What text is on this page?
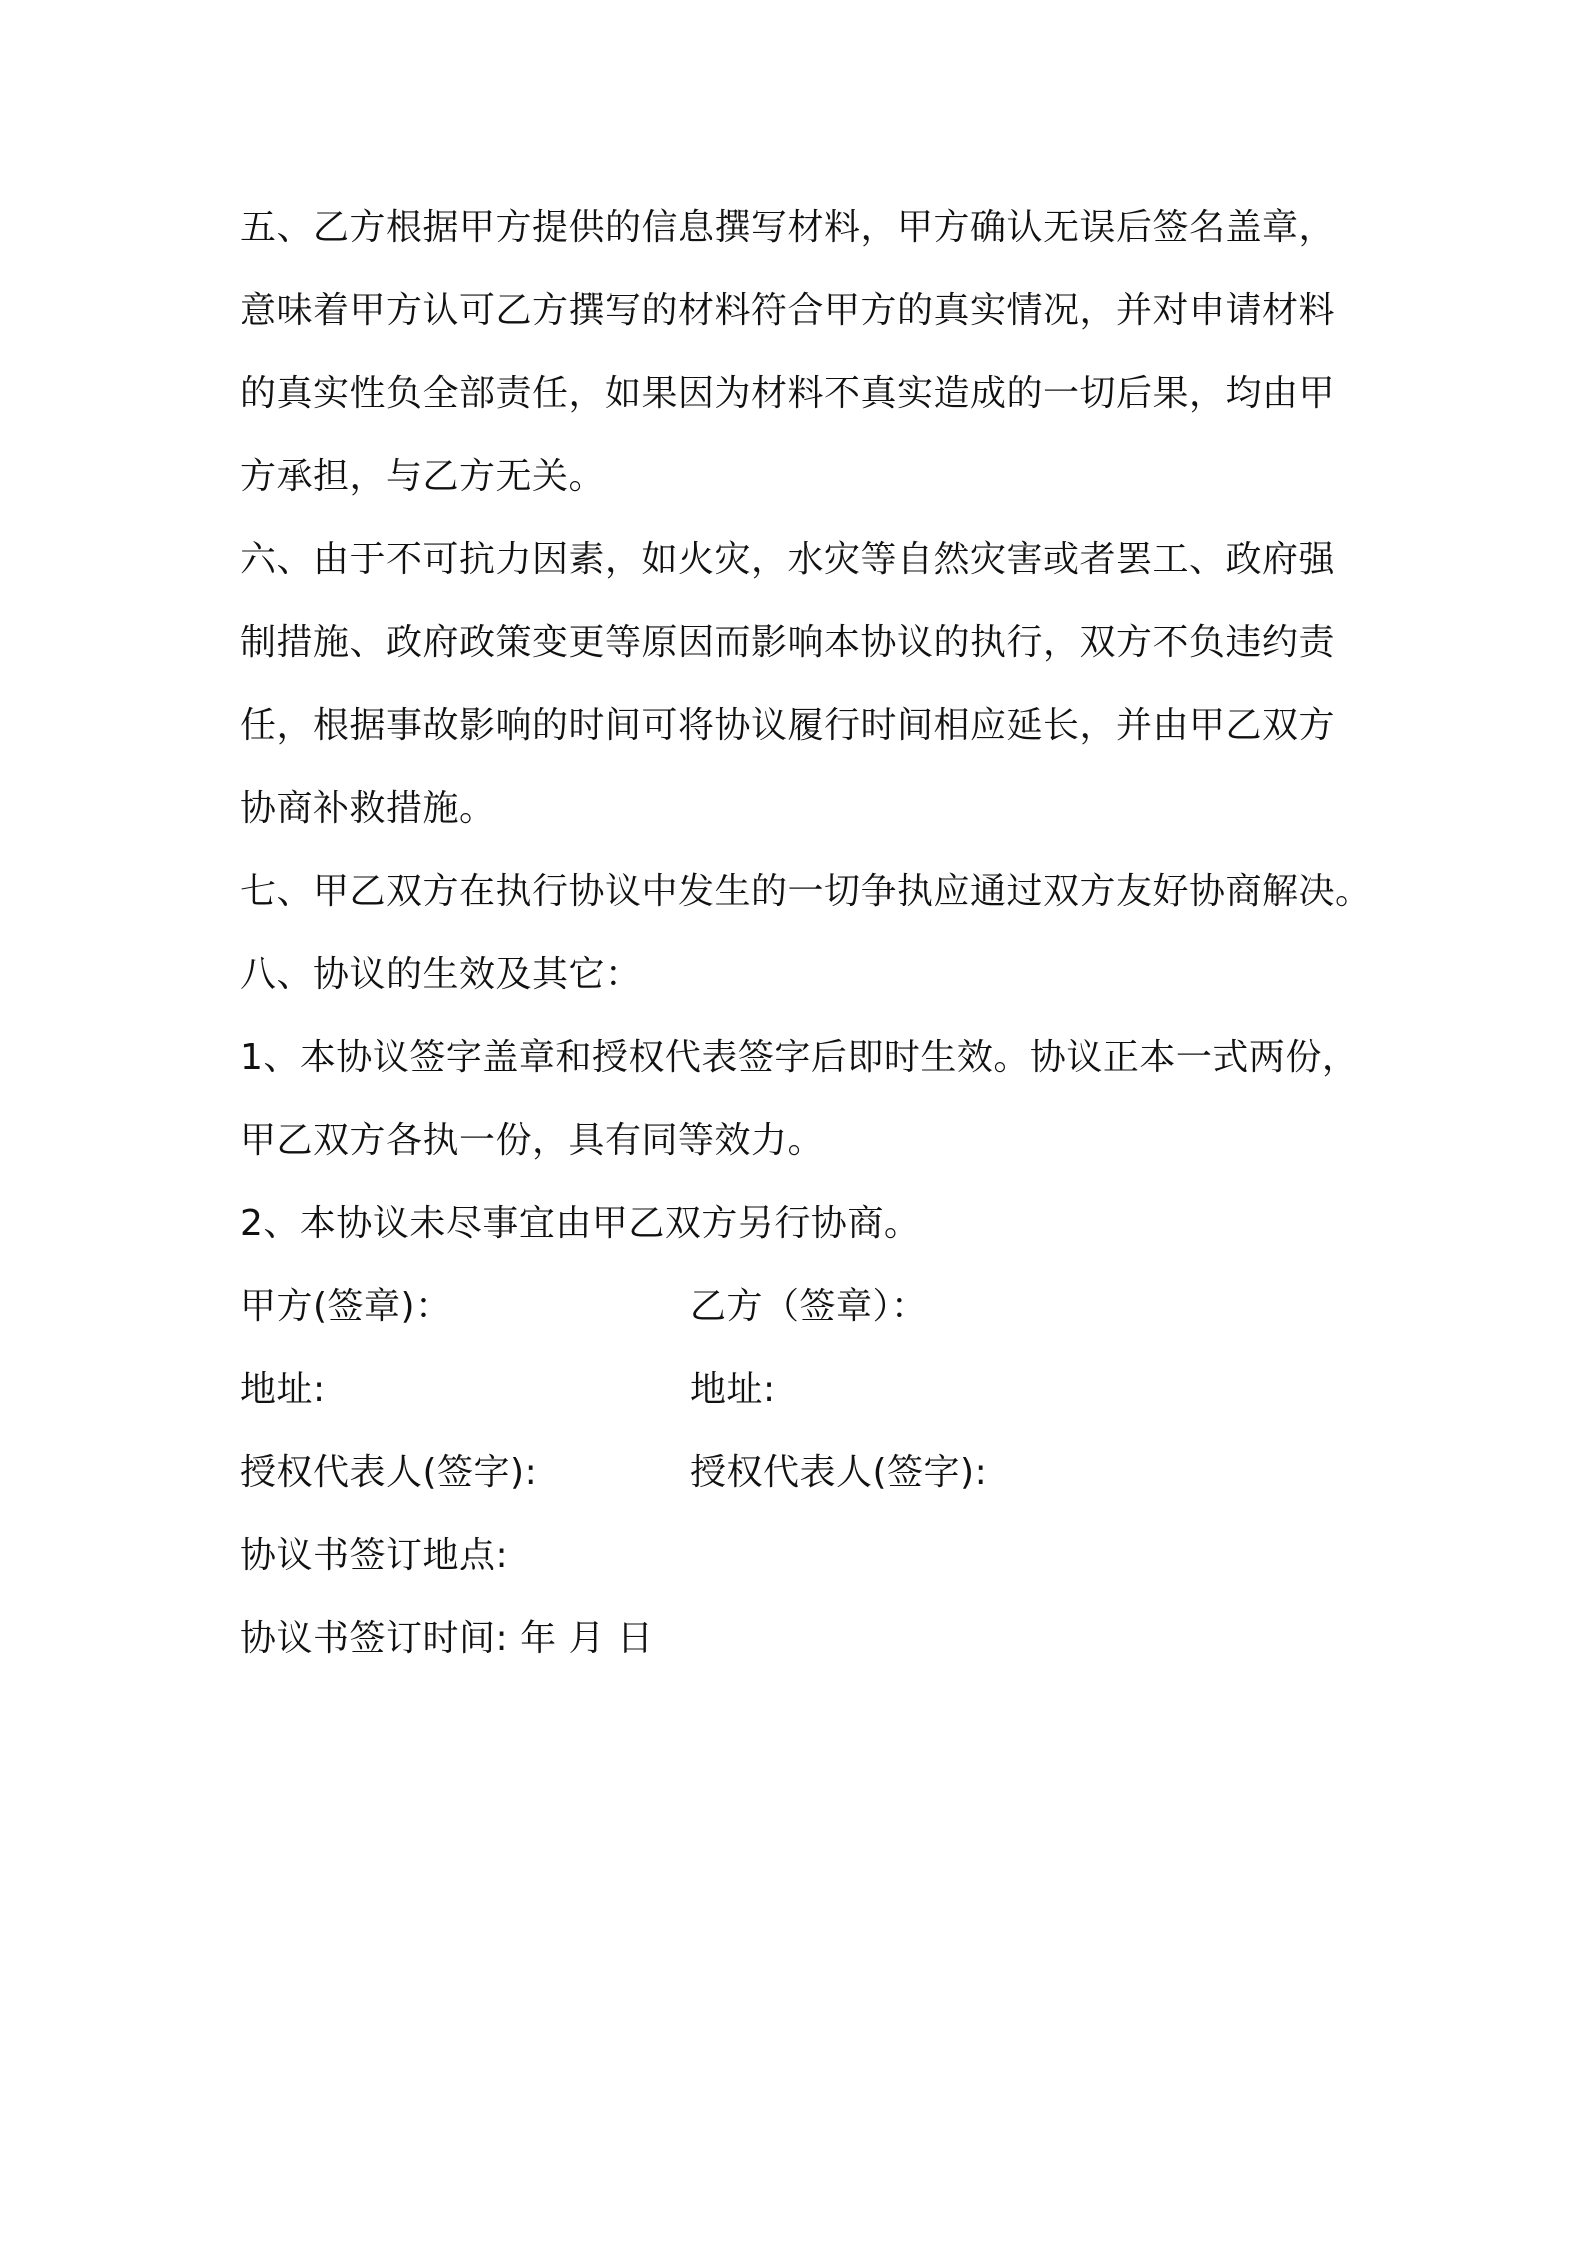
五、乙方根据甲方提供的信息撰写材料，甲方确认无误后签名盖章，
意味着甲方认可乙方撰写的材料符合甲方的真实情况，并对申请材料
的真实性负全部责任，如果因为材料不真实造成的一切后果，均由甲
方承担，与乙方无关。
六、由于不可抗力因素，如火灾，水灾等自然灾害或者罢工、政府强
制措施、政府政策变更等原因而影响本协议的执行，双方不负违约责
任，根据事故影响的时间可将协议履行时间相应延长，并由甲乙双方
协商补救措施。
七、甲乙双方在执行协议中发生的一切争执应通过双方友好协商解决。
八、协议的生效及其它：
1、本协议签字盖章和授权代表签字后即时生效。协议正本一式两份，
甲乙双方各执一份，具有同等效力。
2、本协议未尽事宜由甲乙双方另行协商。
甲方(签章)：	乙方（签章）：
地址:	地址:
授权代表人(签字):	授权代表人(签字):
协议书签订地点:
协议书签订时间: 年 月 日
